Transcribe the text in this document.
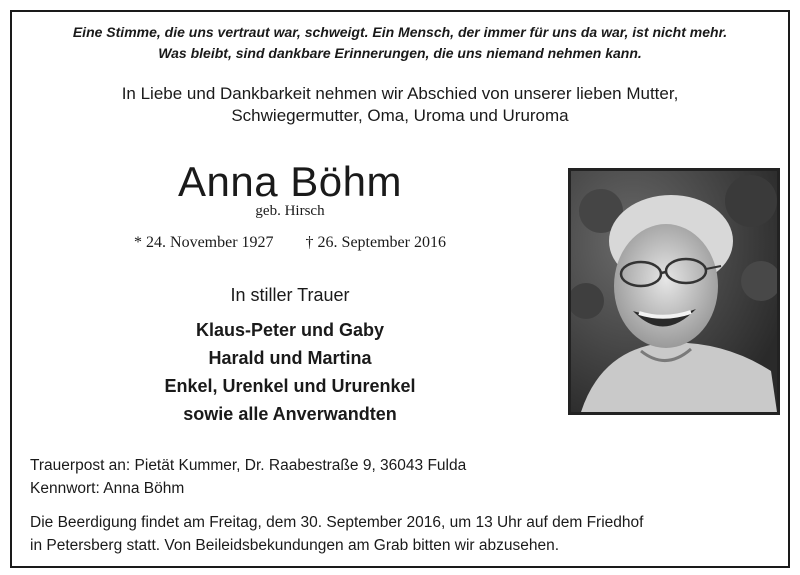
Eine Stimme, die uns vertraut war, schweigt. Ein Mensch, der immer für uns da war, ist nicht mehr.
Was bleibt, sind dankbare Erinnerungen, die uns niemand nehmen kann.
In Liebe und Dankbarkeit nehmen wir Abschied von unserer lieben Mutter,
Schwiegermutter, Oma, Uroma und Ururoma
Anna Böhm
geb. Hirsch
* 24. November 1927 † 26. September 2016
In stiller Trauer
Klaus-Peter und Gaby
Harald und Martina
Enkel, Urenkel und Ururenkel
sowie alle Anverwandten
Trauerpost an: Pietät Kummer, Dr. Raabestraße 9, 36043 Fulda
Kennwort: Anna Böhm
Die Beerdigung findet am Freitag, dem 30. September 2016, um 13 Uhr auf dem Friedhof
in Petersberg statt. Von Beileidsbekundungen am Grab bitten wir abzusehen.
